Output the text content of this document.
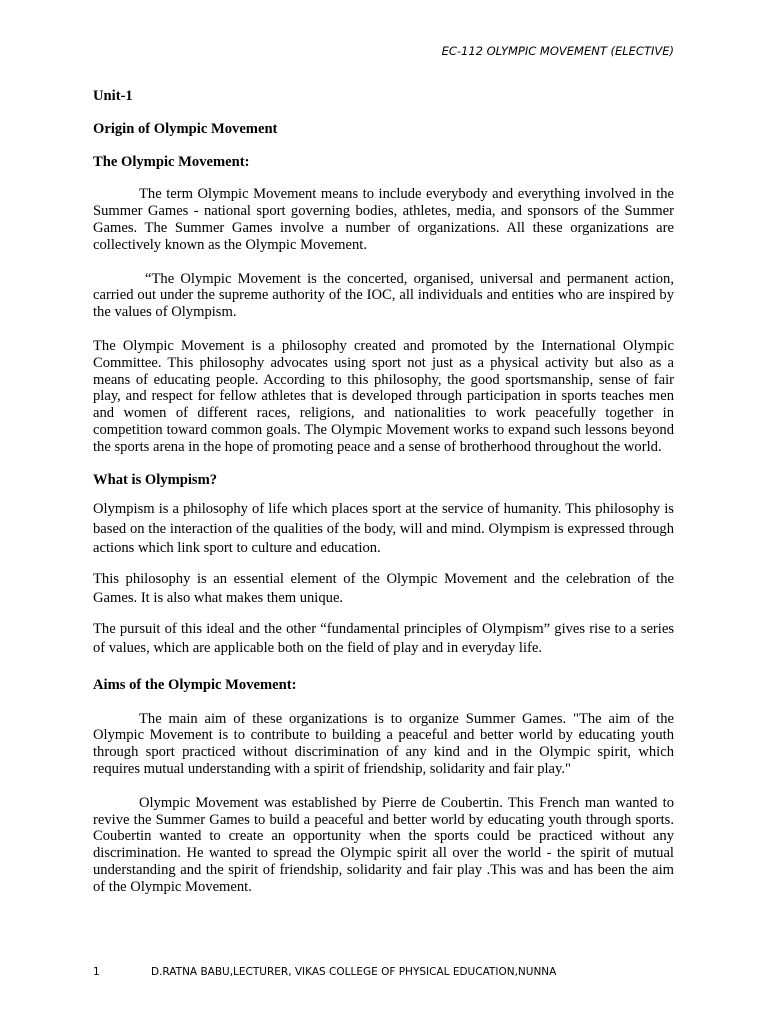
EC-112 OLYMPIC MOVEMENT (ELECTIVE)

Unit-1

Origin of Olympic Movement

The Olympic Movement:

The term Olympic Movement means to include everybody and everything involved in the Summer Games - national sport governing bodies, athletes, media, and sponsors of the Summer Games. The Summer Games involve a number of organizations. All these organizations are collectively known as the Olympic Movement.

“The Olympic Movement is the concerted, organised, universal and permanent action, carried out under the supreme authority of the IOC, all individuals and entities who are inspired by the values of Olympism.

The Olympic Movement is a philosophy created and promoted by the International Olympic Committee. This philosophy advocates using sport not just as a physical activity but also as a means of educating people. According to this philosophy, the good sportsmanship, sense of fair play, and respect for fellow athletes that is developed through participation in sports teaches men and women of different races, religions, and nationalities to work peacefully together in competition toward common goals. The Olympic Movement works to expand such lessons beyond the sports arena in the hope of promoting peace and a sense of brotherhood throughout the world.

What is Olympism?

Olympism is a philosophy of life which places sport at the service of humanity. This philosophy is based on the interaction of the qualities of the body, will and mind. Olympism is expressed through actions which link sport to culture and education.

This philosophy is an essential element of the Olympic Movement and the celebration of the Games. It is also what makes them unique.

The pursuit of this ideal and the other “fundamental principles of Olympism” gives rise to a series of values, which are applicable both on the field of play and in everyday life.

Aims of the Olympic Movement:

The main aim of these organizations is to organize Summer Games. "The aim of the Olympic Movement is to contribute to building a peaceful and better world by educating youth through sport practiced without discrimination of any kind and in the Olympic spirit, which requires mutual understanding with a spirit of friendship, solidarity and fair play."

Olympic Movement was established by Pierre de Coubertin. This French man wanted to revive the Summer Games to build a peaceful and better world by educating youth through sports. Coubertin wanted to create an opportunity when the sports could be practiced without any discrimination. He wanted to spread the Olympic spirit all over the world - the spirit of mutual understanding and the spirit of friendship, solidarity and fair play .This was and has been the aim of the Olympic Movement.

1	D.RATNA BABU,LECTURER, VIKAS COLLEGE OF PHYSICAL EDUCATION,NUNNA
